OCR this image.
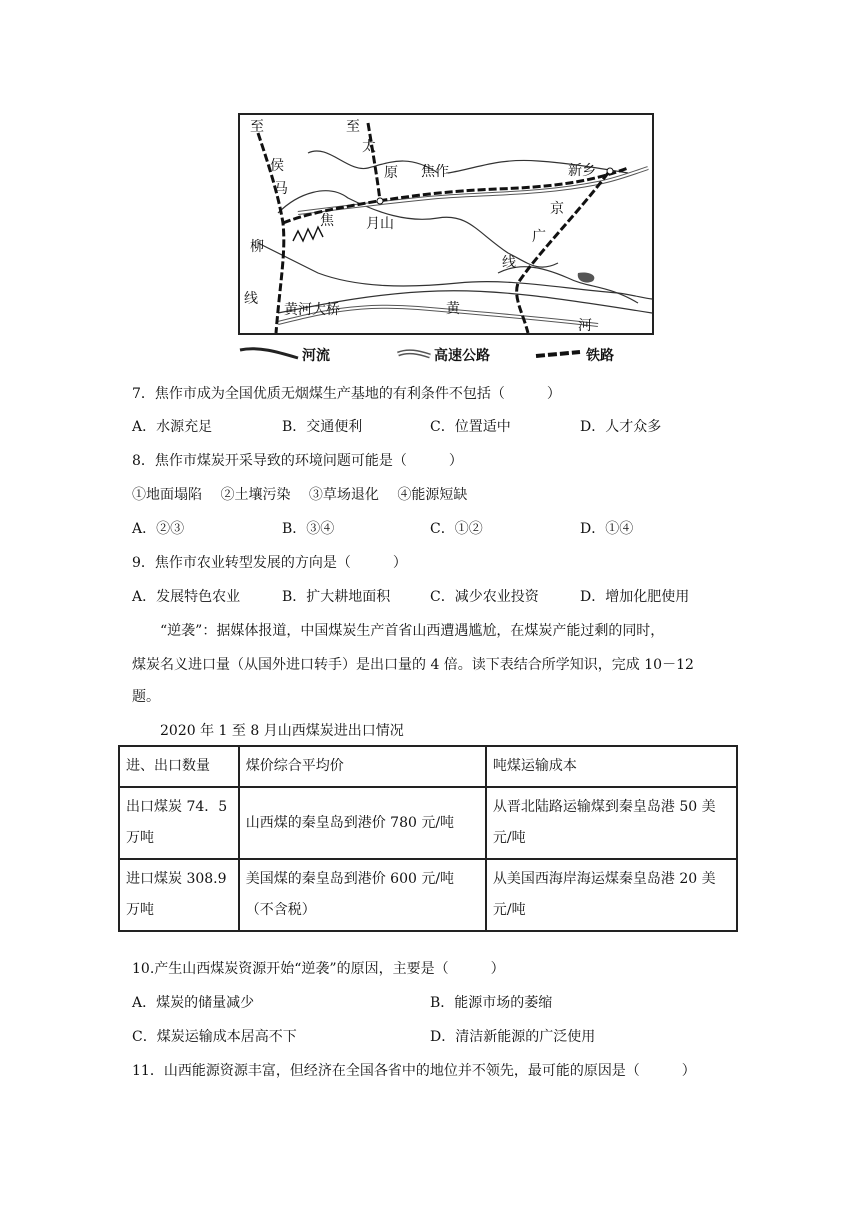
至
侯
马
柳
线
至
太
原
焦
焦作
月山
新乡
京
广
线
黄河大桥	黄
河
河流	高速公路	铁路
7．焦作市成为全国优质无烟煤生产基地的有利条件不包括（　　　）
A．水源充足	B．交通便利	C．位置适中	D．人才众多
8．焦作市煤炭开采导致的环境问题可能是（　　　）
①地面塌陷　 ②土壤污染　 ③草场退化　 ④能源短缺
A．②③	B．③④	C．①②	D．①④
9．焦作市农业转型发展的方向是（　　　）
A．发展特色农业	B．扩大耕地面积	C．减少农业投资	D．增加化肥使用
“逆袭”：据媒体报道，中国煤炭生产首省山西遭遇尴尬，在煤炭产能过剩的同时，
煤炭名义进口量（从国外进口转手）是出口量的 4 倍。读下表结合所学知识，完成 10－12
题。
2020 年 1 至 8 月山西煤炭进出口情况
进、出口数量	煤价综合平均价	吨煤运输成本
出口煤炭 74．5 万吨	山西煤的秦皇岛到港价 780 元/吨	从晋北陆路运输煤到秦皇岛港 50 美元/吨
进口煤炭 308.9 万吨	美国煤的秦皇岛到港价 600 元/吨（不含税）	从美国西海岸海运煤秦皇岛港 20 美元/吨
10.产生山西煤炭资源开始“逆袭”的原因，主要是（　　　）
A．煤炭的储量减少	B．能源市场的萎缩
C．煤炭运输成本居高不下	D．清洁新能源的广泛使用
11．山西能源资源丰富，但经济在全国各省中的地位并不领先，最可能的原因是（　　　）
